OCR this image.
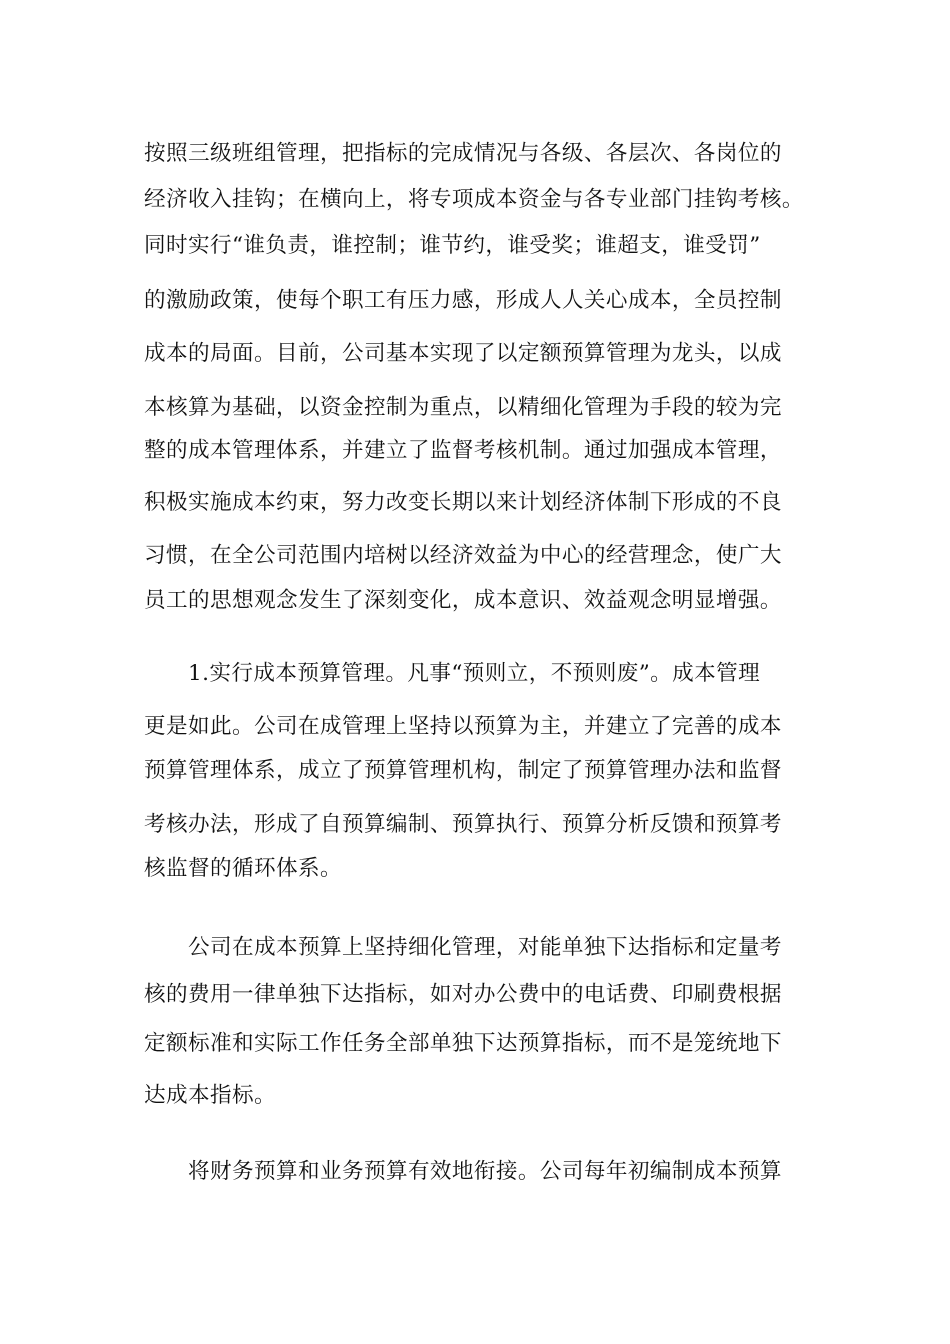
按照三级班组管理，把指标的完成情况与各级、各层次、各岗位的
经济收入挂钩；在横向上，将专项成本资金与各专业部门挂钩考核。
同时实行“谁负责，谁控制；谁节约，谁受奖；谁超支，谁受罚”
的激励政策，使每个职工有压力感，形成人人关心成本，全员控制
成本的局面。目前，公司基本实现了以定额预算管理为龙头，以成
本核算为基础，以资金控制为重点，以精细化管理为手段的较为完
整的成本管理体系，并建立了监督考核机制。通过加强成本管理，
积极实施成本约束，努力改变长期以来计划经济体制下形成的不良
习惯，在全公司范围内培树以经济效益为中心的经营理念，使广大
员工的思想观念发生了深刻变化，成本意识、效益观念明显增强。
1.实行成本预算管理。凡事“预则立，不预则废”。成本管理
更是如此。公司在成管理上坚持以预算为主，并建立了完善的成本
预算管理体系，成立了预算管理机构，制定了预算管理办法和监督
考核办法，形成了自预算编制、预算执行、预算分析反馈和预算考
核监督的循环体系。
公司在成本预算上坚持细化管理，对能单独下达指标和定量考
核的费用一律单独下达指标，如对办公费中的电话费、印刷费根据
定额标准和实际工作任务全部单独下达预算指标，而不是笼统地下
达成本指标。
将财务预算和业务预算有效地衔接。公司每年初编制成本预算
